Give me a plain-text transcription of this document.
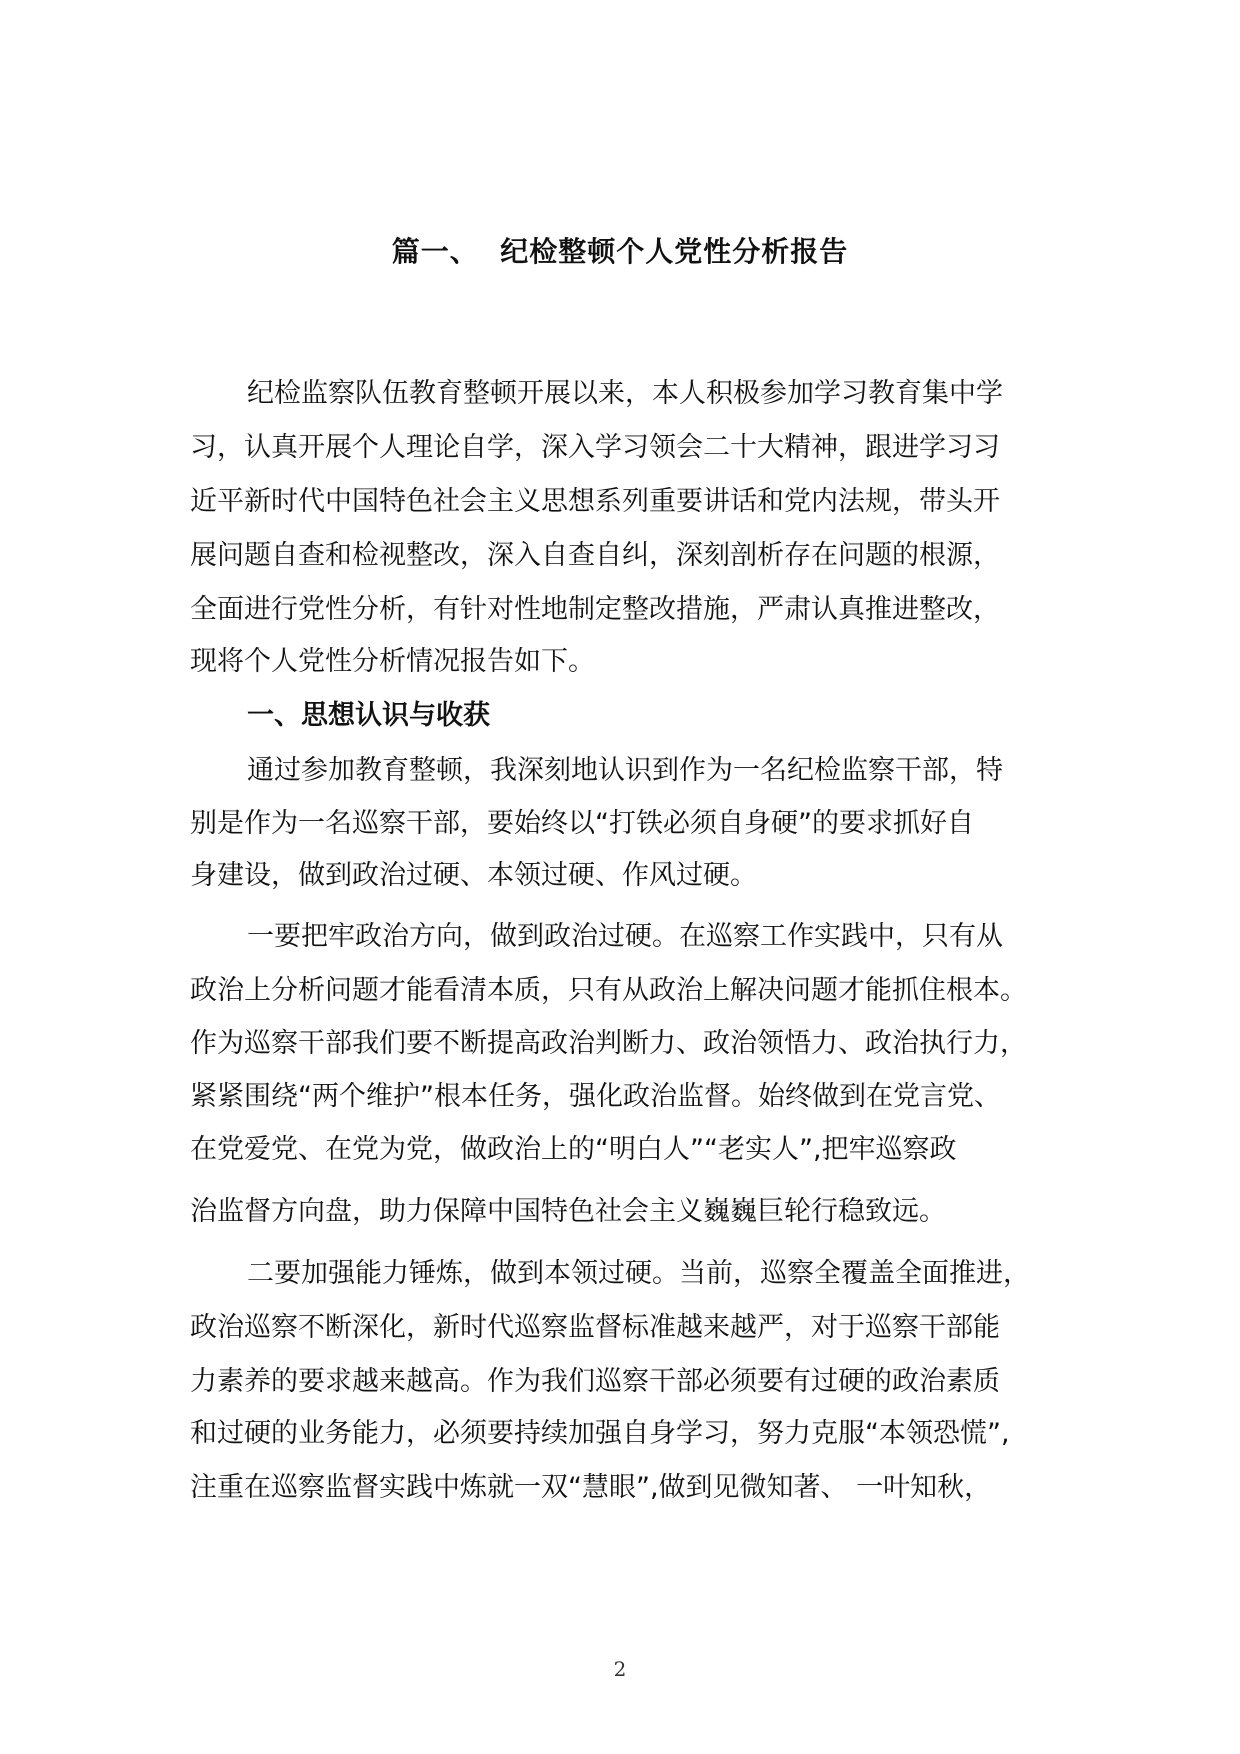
篇一、  纪检整顿个人党性分析报告
纪检监察队伍教育整顿开展以来，本人积极参加学习教育集中学
习，认真开展个人理论自学，深入学习领会二十大精神，跟进学习习
近平新时代中国特色社会主义思想系列重要讲话和党内法规，带头开
展问题自查和检视整改，深入自查自纠，深刻剖析存在问题的根源，
全面进行党性分析，有针对性地制定整改措施，严肃认真推进整改，
现将个人党性分析情况报告如下。
一、思想认识与收获
通过参加教育整顿，我深刻地认识到作为一名纪检监察干部，特
别是作为一名巡察干部，要始终以“打铁必须自身硬”的要求抓好自
身建设，做到政治过硬、本领过硬、作风过硬。
一要把牢政治方向，做到政治过硬。在巡察工作实践中，只有从
政治上分析问题才能看清本质，只有从政治上解决问题才能抓住根本。
作为巡察干部我们要不断提高政治判断力、政治领悟力、政治执行力，
紧紧围绕“两个维护”根本任务，强化政治监督。始终做到在党言党、
在党爱党、在党为党，做政治上的“明白人”“老实人”,把牢巡察政
治监督方向盘，助力保障中国特色社会主义巍巍巨轮行稳致远。
二要加强能力锤炼，做到本领过硬。当前，巡察全覆盖全面推进，
政治巡察不断深化，新时代巡察监督标准越来越严，对于巡察干部能
力素养的要求越来越高。作为我们巡察干部必须要有过硬的政治素质
和过硬的业务能力，必须要持续加强自身学习，努力克服“本领恐慌”,
注重在巡察监督实践中炼就一双“慧眼”,做到见微知著、 一叶知秋，
2
